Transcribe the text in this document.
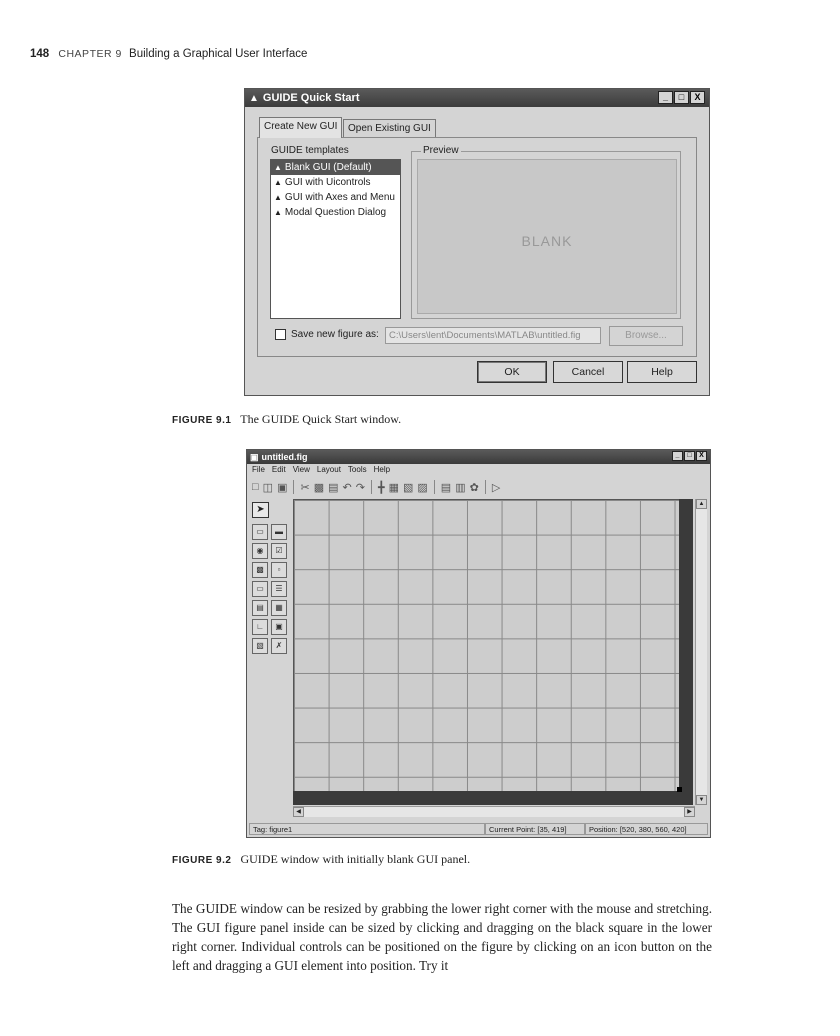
148 CHAPTER 9 Building a Graphical User Interface
▲ GUIDE Quick Start	_	□	X
Create New GUI	Open Existing GUI
GUIDE templates
▲ Blank GUI (Default)
▲ GUI with Uicontrols
▲ GUI with Axes and Menu
▲ Modal Question Dialog
Preview
BLANK
Save new figure as:	C:\Users\lent\Documents\MATLAB\untitled.fig	Browse...
OK	Cancel	Help
FIGURE 9.1 The GUIDE Quick Start window.
▣ untitled.fig	_	□	X
File Edit View Layout Tools Help
□ ◫ ▣ ✂ ▩ ▤ ↶ ↷ ╋ ▦ ▧ ▨ ▤ ▥ ✿ ▷
➤
▭	▬
◉	☑
▩	▫
▭	☰
▤	▦
∟	▣
▧	✗
▲
▼
◀	▶
Tag: figure1	Current Point: [35, 419]	Position: [520, 380, 560, 420]
FIGURE 9.2 GUIDE window with initially blank GUI panel.
The GUIDE window can be resized by grabbing the lower right corner with the mouse and stretching. The GUI figure panel inside can be sized by clicking and dragging on the black square in the lower right corner. Individual controls can be positioned on the figure by clicking on an icon button on the left and dragging a GUI element into position. Try it
